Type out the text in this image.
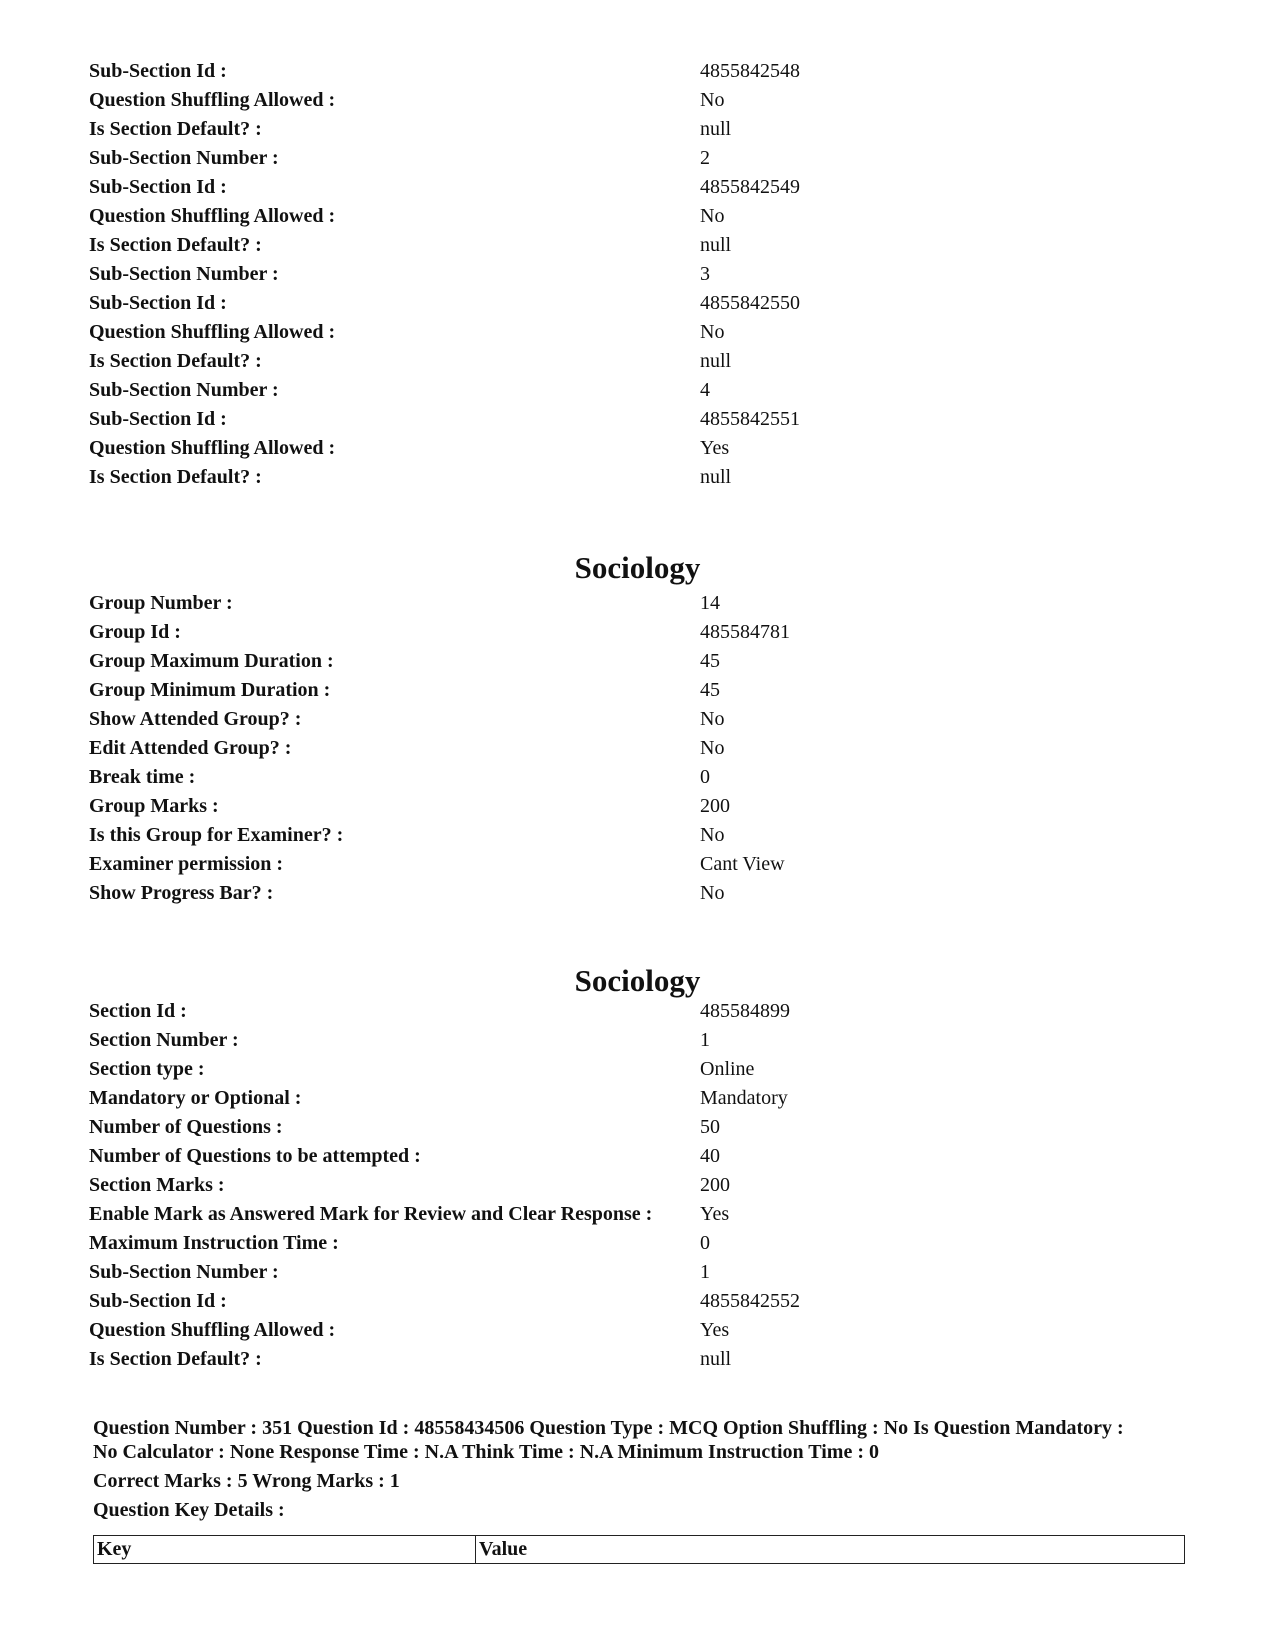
Sub-Section Id :	4855842548
Question Shuffling Allowed :	No
Is Section Default? :	null
Sub-Section Number :	2
Sub-Section Id :	4855842549
Question Shuffling Allowed :	No
Is Section Default? :	null
Sub-Section Number :	3
Sub-Section Id :	4855842550
Question Shuffling Allowed :	No
Is Section Default? :	null
Sub-Section Number :	4
Sub-Section Id :	4855842551
Question Shuffling Allowed :	Yes
Is Section Default? :	null
Sociology
Group Number :	14
Group Id :	485584781
Group Maximum Duration :	45
Group Minimum Duration :	45
Show Attended Group? :	No
Edit Attended Group? :	No
Break time :	0
Group Marks :	200
Is this Group for Examiner? :	No
Examiner permission :	Cant View
Show Progress Bar? :	No
Sociology
Section Id :	485584899
Section Number :	1
Section type :	Online
Mandatory or Optional :	Mandatory
Number of Questions :	50
Number of Questions to be attempted :	40
Section Marks :	200
Enable Mark as Answered Mark for Review and Clear Response :	Yes
Maximum Instruction Time :	0
Sub-Section Number :	1
Sub-Section Id :	4855842552
Question Shuffling Allowed :	Yes
Is Section Default? :	null
Question Number : 351 Question Id : 48558434506 Question Type : MCQ Option Shuffling : No Is Question Mandatory :
No Calculator : None Response Time : N.A Think Time : N.A Minimum Instruction Time : 0
Correct Marks : 5 Wrong Marks : 1
Question Key Details :
Key	Value
